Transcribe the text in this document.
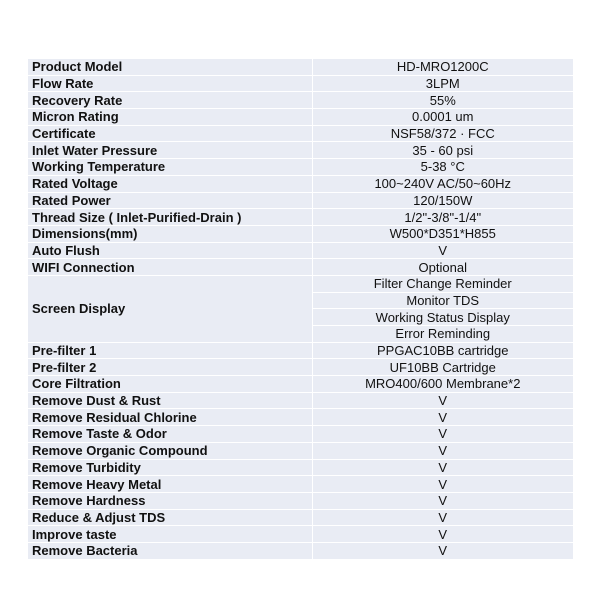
Product Model	HD-MRO1200C
Flow Rate	3LPM
Recovery Rate	55%
Micron Rating	0.0001 um
Certificate	NSF58/372 · FCC
Inlet Water Pressure	35 - 60 psi
Working Temperature	5-38 °C
Rated Voltage	100~240V AC/50~60Hz
Rated Power	120/150W
Thread Size ( Inlet-Purified-Drain )	1/2"-3/8"-1/4"
Dimensions(mm)	W500*D351*H855
Auto Flush	V
WIFI Connection	Optional
Screen Display	Filter Change Reminder
	Monitor TDS
	Working Status Display
	Error Reminding
Pre-filter 1	PPGAC10BB cartridge
Pre-filter 2	UF10BB Cartridge
Core Filtration	MRO400/600 Membrane*2
Remove Dust & Rust	V
Remove Residual Chlorine	V
Remove Taste & Odor	V
Remove Organic Compound	V
Remove Turbidity	V
Remove Heavy Metal	V
Remove Hardness	V
Reduce & Adjust TDS	V
Improve taste	V
Remove Bacteria	V
